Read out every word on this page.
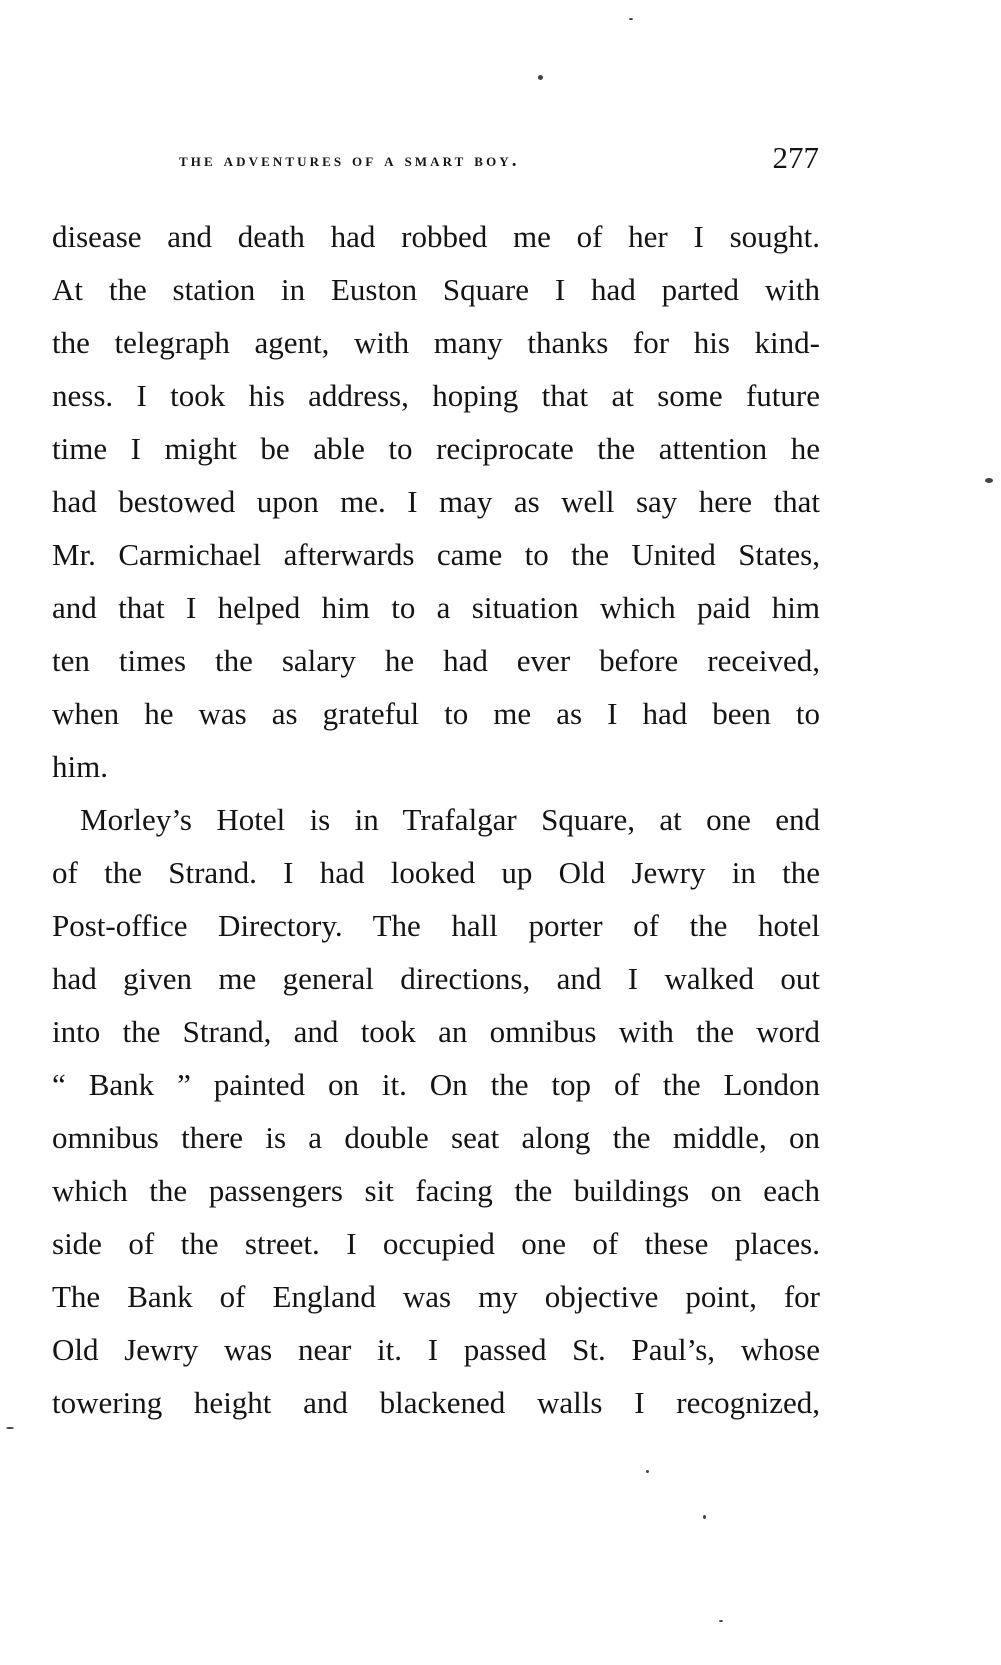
the adventures of a smart boy.	277
disease and death had robbed me of her I sought.
At the station in Euston Square I had parted with
the telegraph agent, with many thanks for his kind-
ness. I took his address, hoping that at some future
time I might be able to reciprocate the attention he
had bestowed upon me. I may as well say here that
Mr. Carmichael afterwards came to the United States,
and that I helped him to a situation which paid him
ten times the salary he had ever before received,
when he was as grateful to me as I had been to
him.
Morley’s Hotel is in Trafalgar Square, at one end
of the Strand. I had looked up Old Jewry in the
Post-office Directory. The hall porter of the hotel
had given me general directions, and I walked out
into the Strand, and took an omnibus with the word
“ Bank ” painted on it. On the top of the London
omnibus there is a double seat along the middle, on
which the passengers sit facing the buildings on each
side of the street. I occupied one of these places.
The Bank of England was my objective point, for
Old Jewry was near it. I passed St. Paul’s, whose
towering height and blackened walls I recognized,
